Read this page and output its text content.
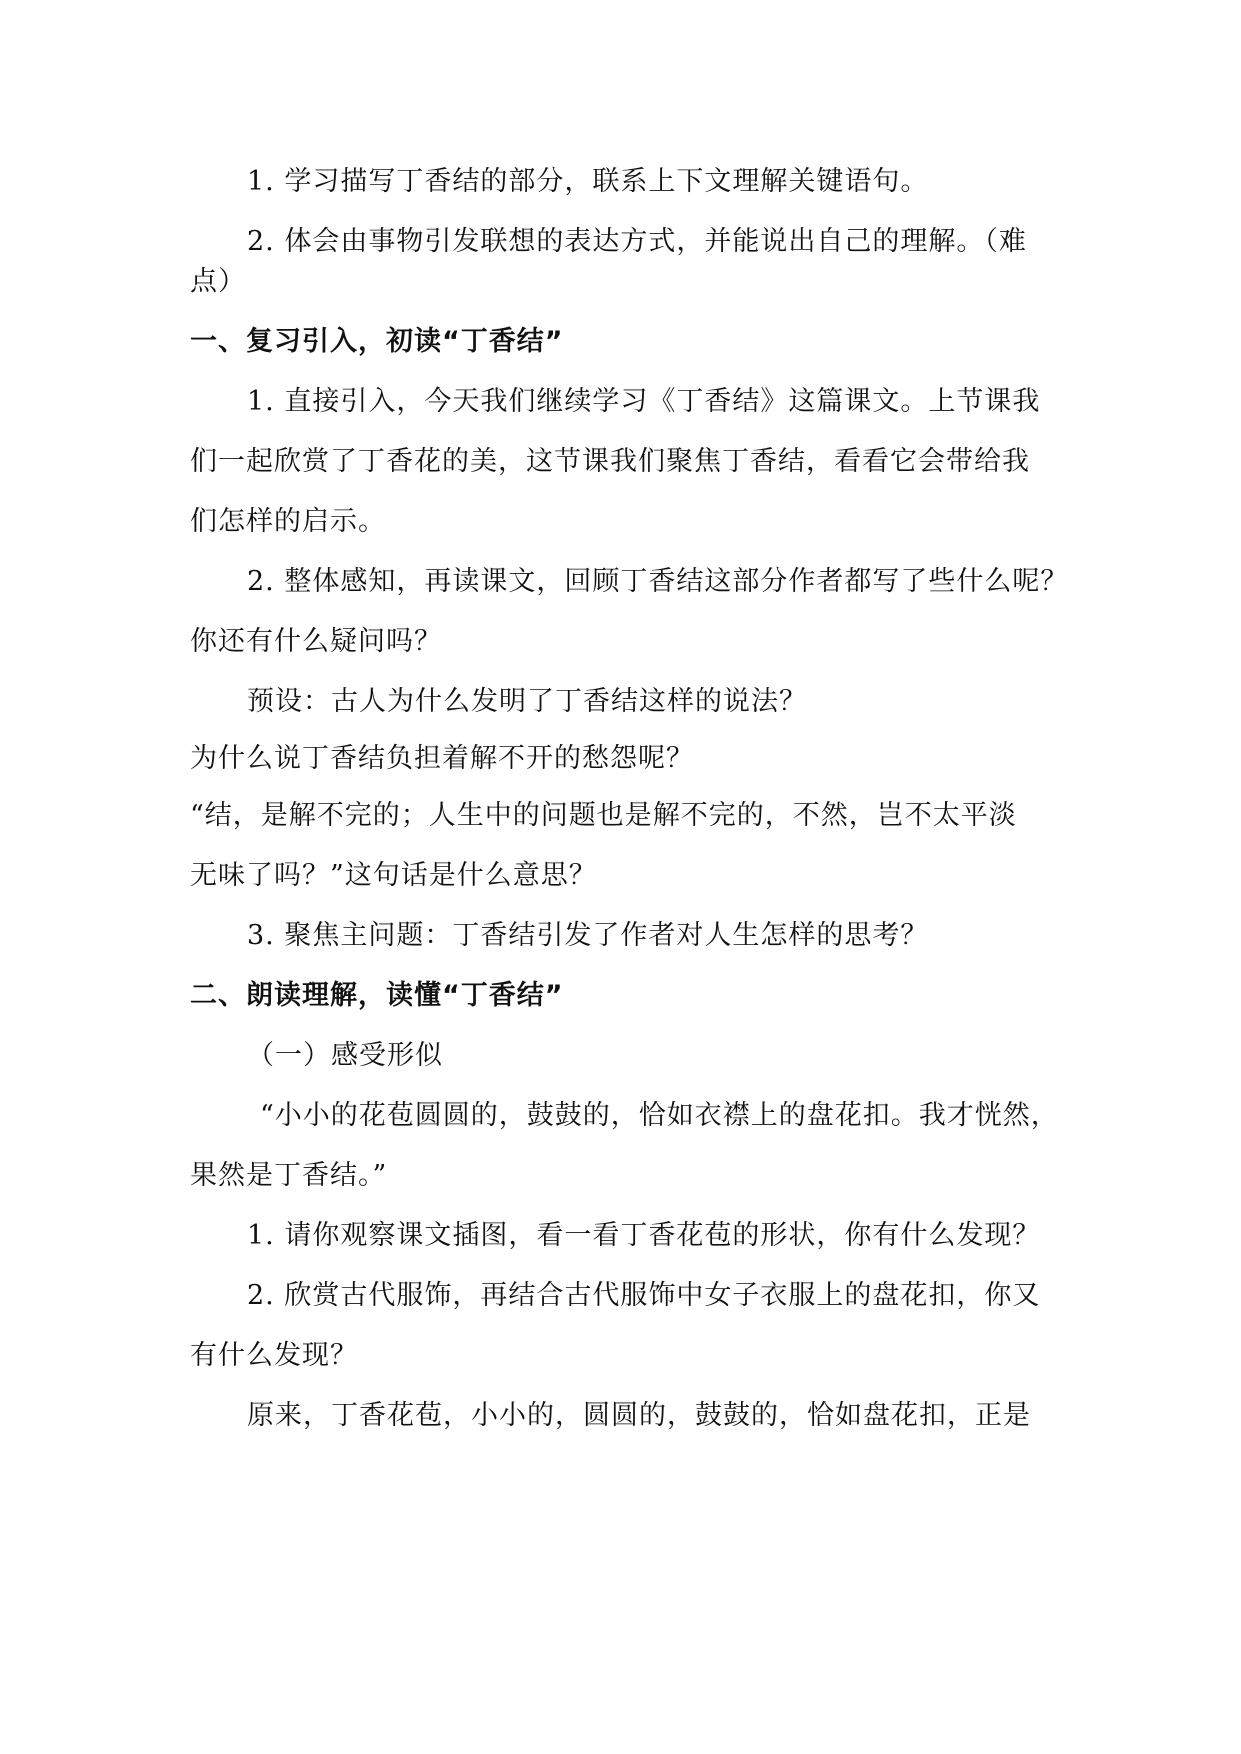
1. 学习描写丁香结的部分，联系上下文理解关键语句。
2. 体会由事物引发联想的表达方式，并能说出自己的理解。（难
点）
一、复习引入，初读“丁香结”
1. 直接引入，今天我们继续学习《丁香结》这篇课文。上节课我
们一起欣赏了丁香花的美，这节课我们聚焦丁香结，看看它会带给我
们怎样的启示。
2. 整体感知，再读课文，回顾丁香结这部分作者都写了些什么呢？
你还有什么疑问吗？
预设：古人为什么发明了丁香结这样的说法？
为什么说丁香结负担着解不开的愁怨呢？
“结，是解不完的；人生中的问题也是解不完的，不然，岂不太平淡
无味了吗？”这句话是什么意思？
3. 聚焦主问题：丁香结引发了作者对人生怎样的思考？
二、朗读理解，读懂“丁香结”
（一）感受形似
“小小的花苞圆圆的，鼓鼓的，恰如衣襟上的盘花扣。我才恍然，
果然是丁香结。”
1. 请你观察课文插图，看一看丁香花苞的形状，你有什么发现？
2. 欣赏古代服饰，再结合古代服饰中女子衣服上的盘花扣，你又
有什么发现？
原来，丁香花苞，小小的，圆圆的，鼓鼓的，恰如盘花扣，正是
